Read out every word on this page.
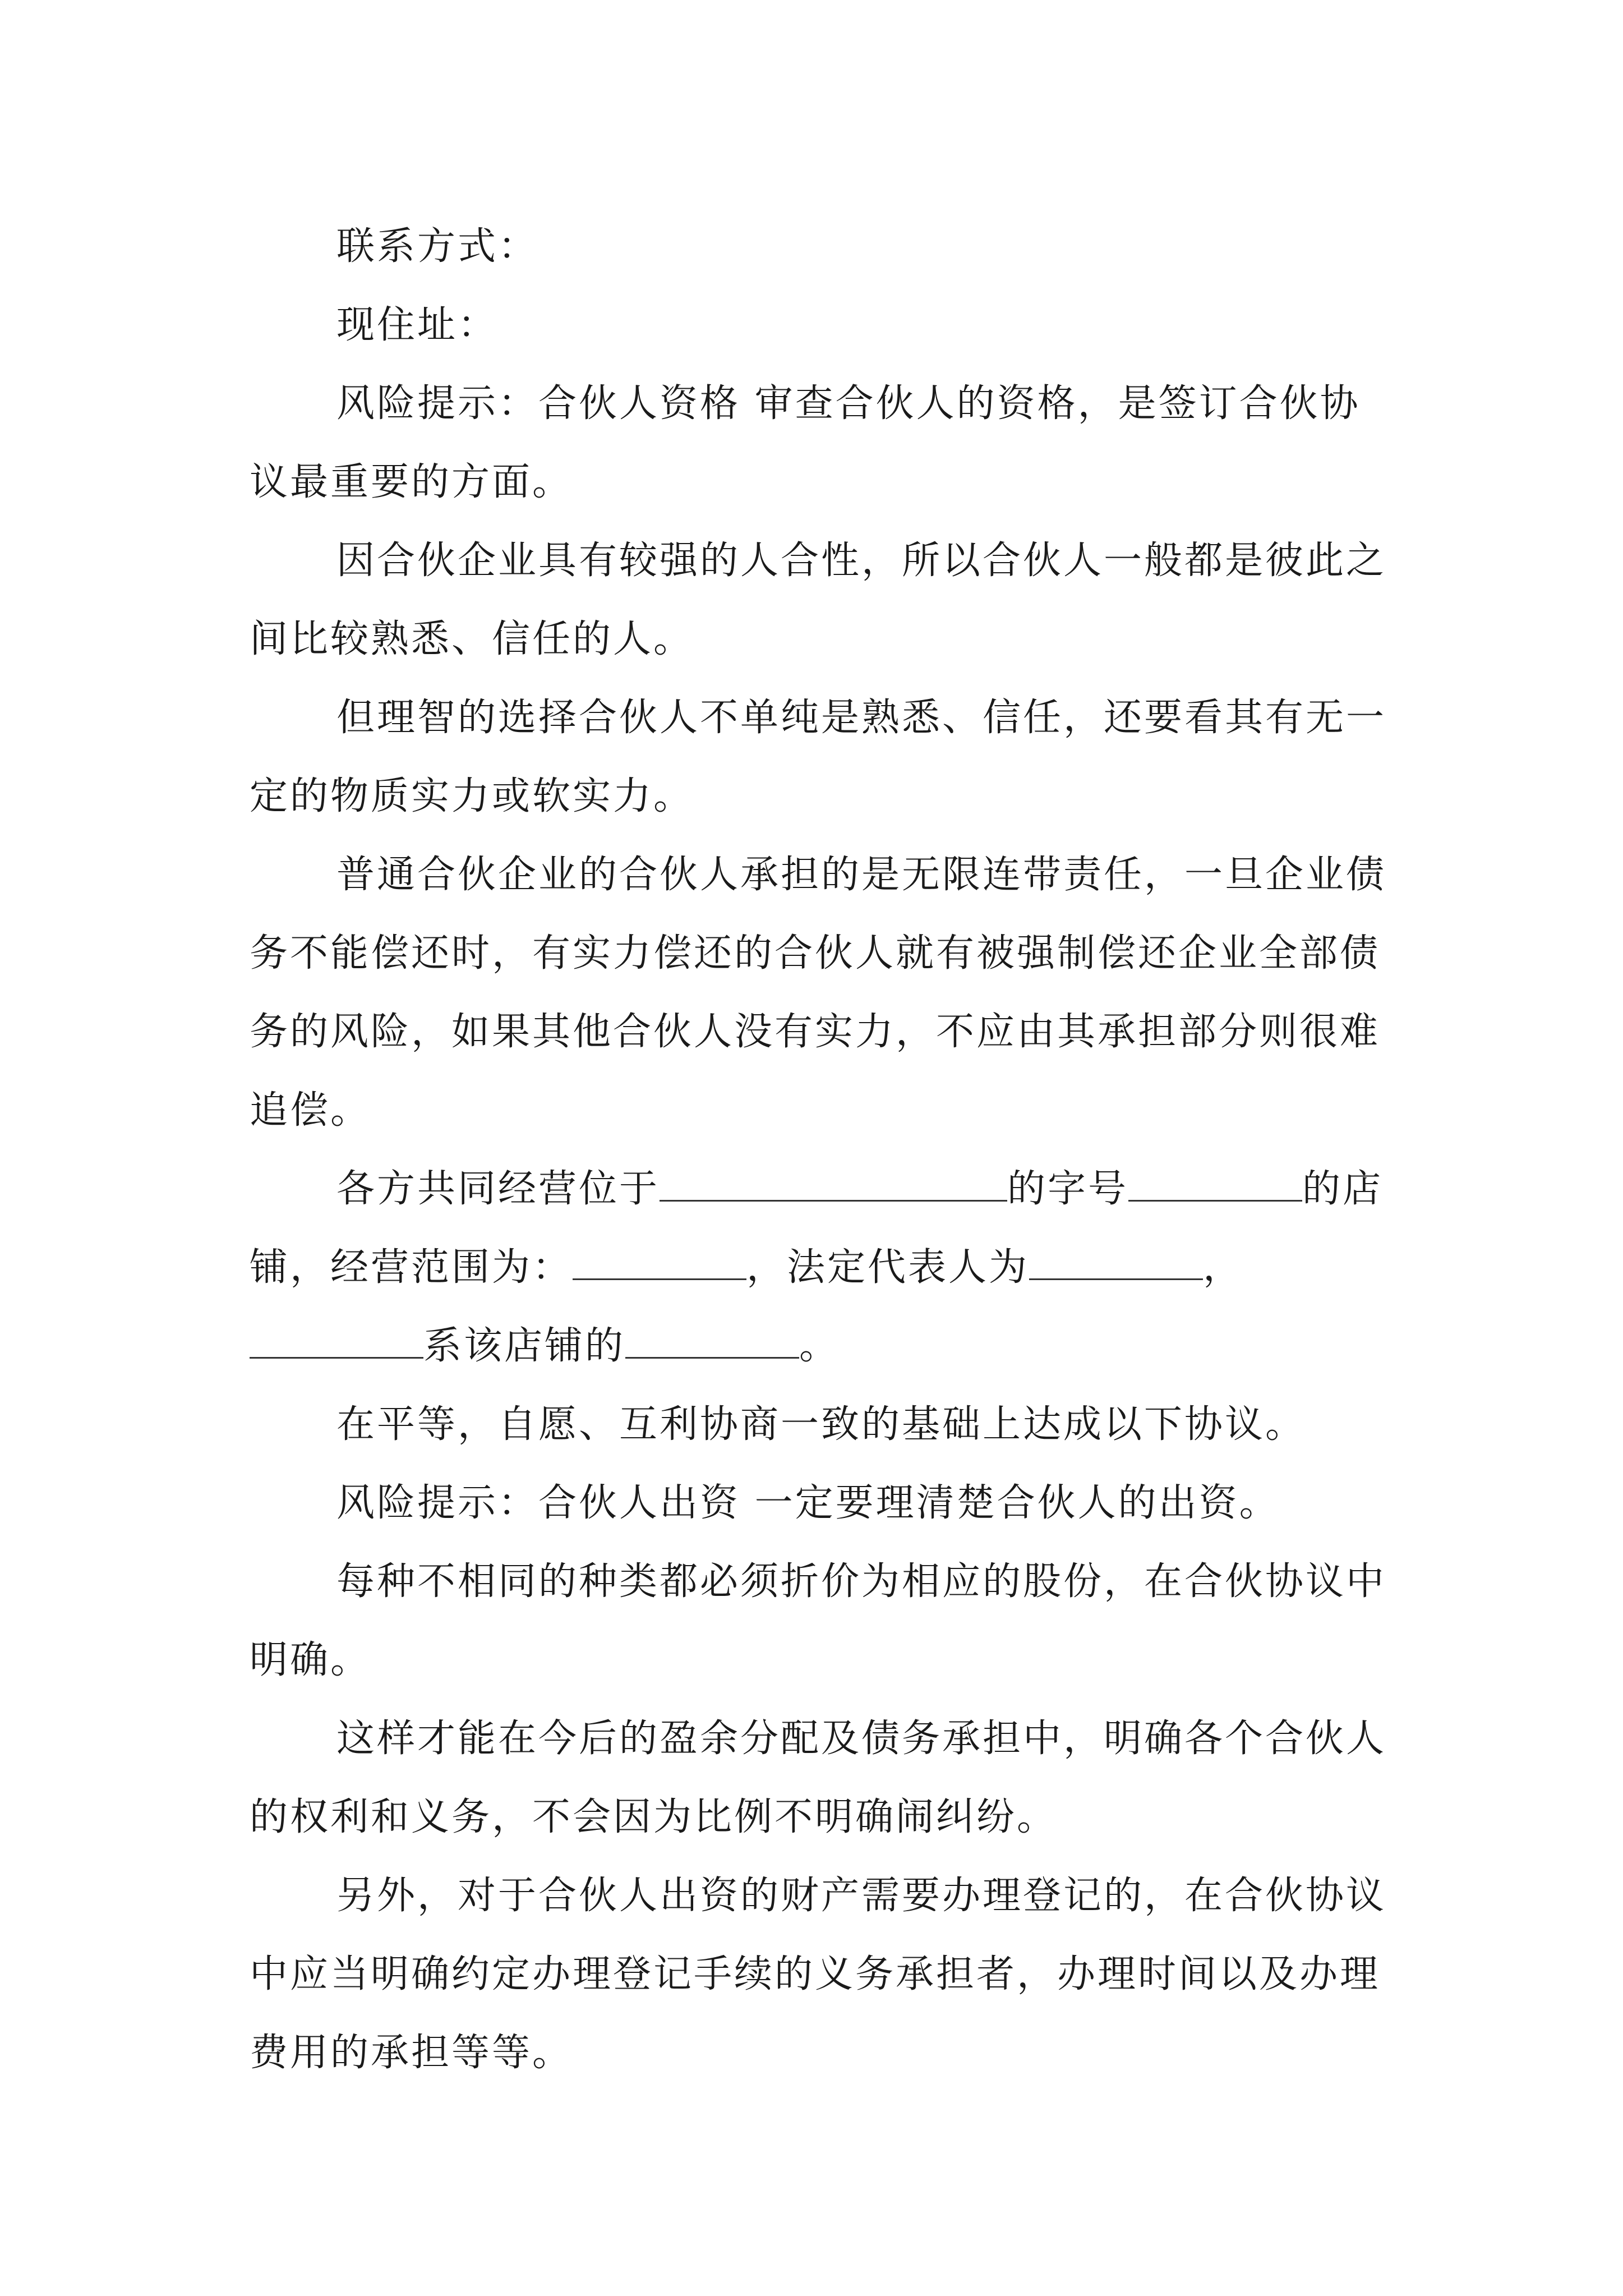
联系方式：

现住址：

风险提示：合伙人资格 审查合伙人的资格，是签订合伙协议最重要的方面。

因合伙企业具有较强的人合性，所以合伙人一般都是彼此之间比较熟悉、信任的人。

但理智的选择合伙人不单纯是熟悉、信任，还要看其有无一定的物质实力或软实力。

普通合伙企业的合伙人承担的是无限连带责任，一旦企业债务不能偿还时，有实力偿还的合伙人就有被强制偿还企业全部债务的风险，如果其他合伙人没有实力，不应由其承担部分则很难追偿。

各方共同经营位于	的字号	的店铺，经营范围为：	，法定代表人为	，系该店铺的	。

在平等，自愿、互利协商一致的基础上达成以下协议。

风险提示：合伙人出资 一定要理清楚合伙人的出资。

每种不相同的种类都必须折价为相应的股份，在合伙协议中明确。

这样才能在今后的盈余分配及债务承担中，明确各个合伙人的权利和义务，不会因为比例不明确闹纠纷。

另外，对于合伙人出资的财产需要办理登记的，在合伙协议中应当明确约定办理登记手续的义务承担者，办理时间以及办理费用的承担等等。
